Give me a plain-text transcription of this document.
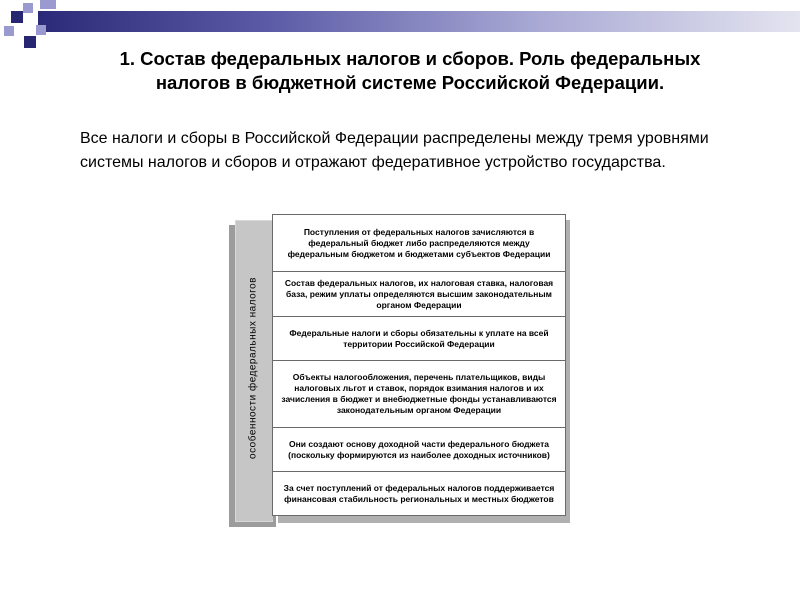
1. Состав федеральных налогов и сборов. Роль федеральных
налогов в бюджетной системе Российской Федерации.
Все налоги и сборы в Российской Федерации распределены между тремя уровнями системы налогов и сборов и отражают федеративное устройство государства.
особенности федеральных налогов
Поступления от федеральных налогов зачисляются в федеральный бюджет либо распределяются между федеральным бюджетом и бюджетами субъектов Федерации
Состав федеральных налогов, их налоговая ставка, налоговая база, режим уплаты определяются высшим законодательным органом Федерации
Федеральные налоги и сборы обязательны к уплате на всей территории Российской Федерации
Объекты налогообложения, перечень плательщиков, виды налоговых льгот и ставок, порядок взимания налогов и их зачисления в бюджет и внебюджетные фонды устанавливаются законодательным органом Федерации
Они создают основу доходной части федерального бюджета (поскольку формируются из наиболее доходных источников)
За счет поступлений от федеральных налогов поддерживается финансовая стабильность региональных и местных бюджетов
